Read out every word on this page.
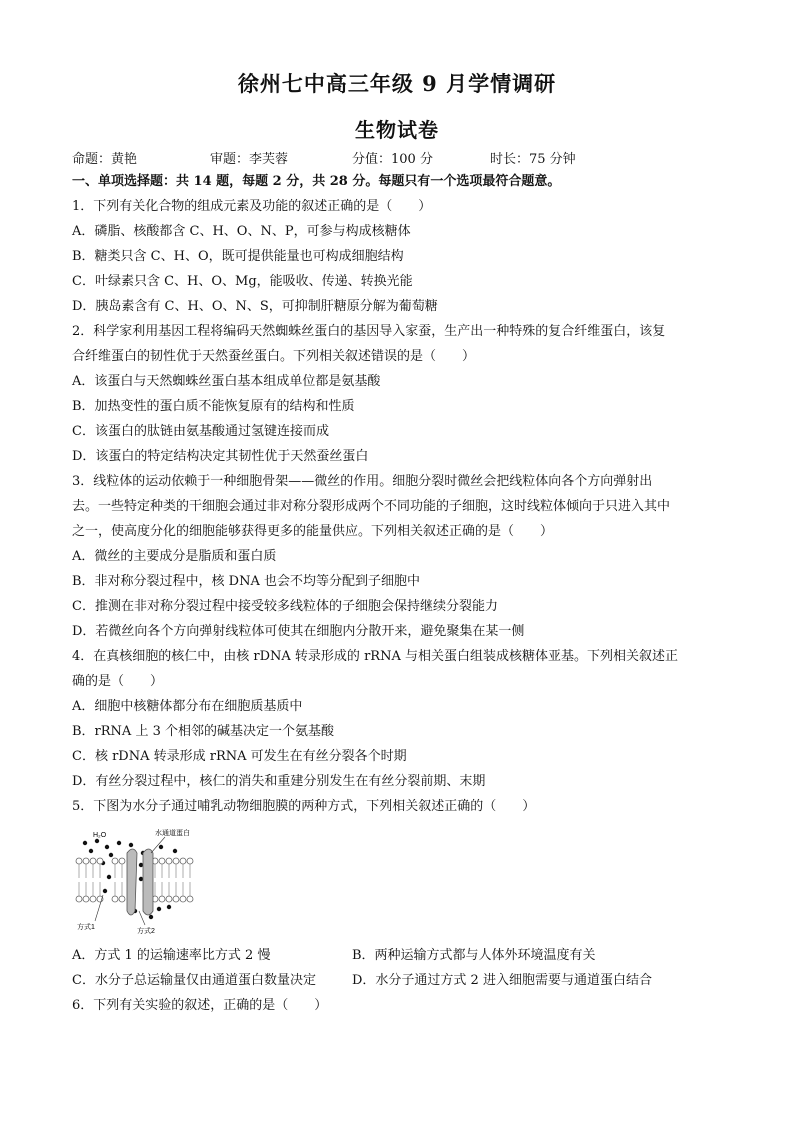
徐州七中高三年级 9 月学情调研
生物试卷
命题：黄艳	审题：李芙蓉	分值：100 分	时长：75 分钟
一、单项选择题：共 14 题，每题 2 分，共 28 分。每题只有一个选项最符合题意。
1．下列有关化合物的组成元素及功能的叙述正确的是（　　）
A．磷脂、核酸都含 C、H、O、N、P，可参与构成核糖体
B．糖类只含 C、H、O，既可提供能量也可构成细胞结构
C．叶绿素只含 C、H、O、Mg，能吸收、传递、转换光能
D．胰岛素含有 C、H、O、N、S，可抑制肝糖原分解为葡萄糖
2．科学家利用基因工程将编码天然蜘蛛丝蛋白的基因导入家蚕，生产出一种特殊的复合纤维蛋白，该复
合纤维蛋白的韧性优于天然蚕丝蛋白。下列相关叙述错误的是（　　）
A．该蛋白与天然蜘蛛丝蛋白基本组成单位都是氨基酸
B．加热变性的蛋白质不能恢复原有的结构和性质
C．该蛋白的肽链由氨基酸通过氢键连接而成
D．该蛋白的特定结构决定其韧性优于天然蚕丝蛋白
3．线粒体的运动依赖于一种细胞骨架——微丝的作用。细胞分裂时微丝会把线粒体向各个方向弹射出
去。一些特定种类的干细胞会通过非对称分裂形成两个不同功能的子细胞，这时线粒体倾向于只进入其中
之一，使高度分化的细胞能够获得更多的能量供应。下列相关叙述正确的是（　　）
A．微丝的主要成分是脂质和蛋白质
B．非对称分裂过程中，核 DNA 也会不均等分配到子细胞中
C．推测在非对称分裂过程中接受较多线粒体的子细胞会保持继续分裂能力
D．若微丝向各个方向弹射线粒体可使其在细胞内分散开来，避免聚集在某一侧
4．在真核细胞的核仁中，由核 rDNA 转录形成的 rRNA 与相关蛋白组装成核糖体亚基。下列相关叙述正
确的是（　　）
A．细胞中核糖体都分布在细胞质基质中
B．rRNA 上 3 个相邻的碱基决定一个氨基酸
C．核 rDNA 转录形成 rRNA 可发生在有丝分裂各个时期
D．有丝分裂过程中，核仁的消失和重建分别发生在有丝分裂前期、末期
5．下图为水分子通过哺乳动物细胞膜的两种方式，下列相关叙述正确的（　　）
H₂O	水通道蛋白
方式1
方式2
A．方式 1 的运输速率比方式 2 慢	B．两种运输方式都与人体外环境温度有关
C．水分子总运输量仅由通道蛋白数量决定	D．水分子通过方式 2 进入细胞需要与通道蛋白结合
6．下列有关实验的叙述，正确的是（　　）
